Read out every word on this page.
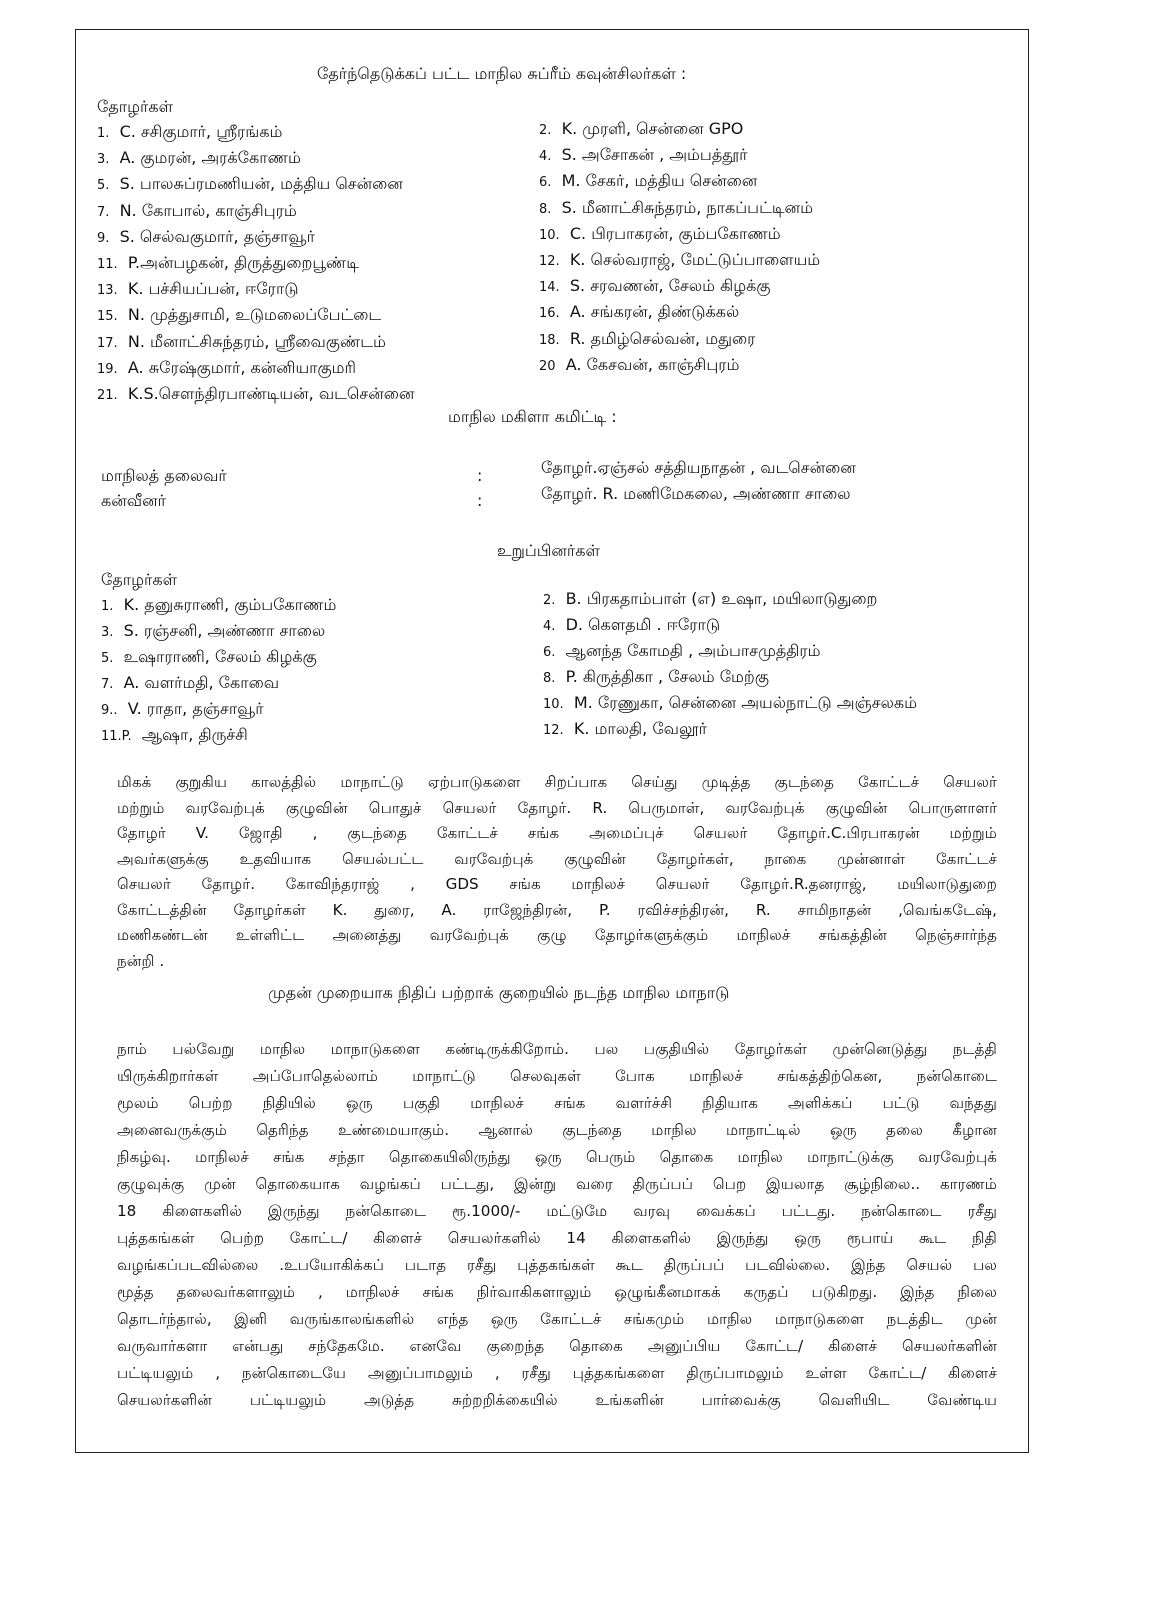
தேர்ந்தெடுக்கப் பட்ட மாநில சுப்ரீம் கவுன்சிலர்கள் :
தோழர்கள்
1. C. சசிகுமார், ஸ்ரீரங்கம்
3. A. குமரன், அரக்கோணம்
5. S. பாலசுப்ரமணியன், மத்திய சென்னை
7. N. கோபால், காஞ்சிபுரம்
9. S. செல்வகுமார், தஞ்சாவூர்
11. P.அன்பழகன், திருத்துறைபூண்டி
13. K. பச்சியப்பன், ஈரோடு
15. N. முத்துசாமி, உடுமலைப்பேட்டை
17. N. மீனாட்சிசுந்தரம், ஸ்ரீவைகுண்டம்
19. A. சுரேஷ்குமார், கன்னியாகுமரி
21. K.S.சௌந்திரபாண்டியன், வடசென்னை
2. K. முரளி, சென்னை GPO
4. S. அசோகன் , அம்பத்தூர்
6. M. சேகர், மத்திய சென்னை
8. S. மீனாட்சிசுந்தரம், நாகப்பட்டினம்
10. C. பிரபாகரன், கும்பகோணம்
12. K. செல்வராஜ், மேட்டுப்பாளையம்
14. S. சரவணன், சேலம் கிழக்கு
16. A. சங்கரன், திண்டுக்கல்
18. R. தமிழ்செல்வன், மதுரை
20 A. கேசவன், காஞ்சிபுரம்
மாநில மகிளா கமிட்டி :
மாநிலத் தலைவர்	:	தோழர்.ஏஞ்சல் சத்தியநாதன் , வடசென்னை
கன்வீனர்	:	தோழர். R. மணிமேகலை, அண்ணா சாலை
உறுப்பினர்கள்
தோழர்கள்
1. K. தனுசுராணி, கும்பகோணம்
3. S. ரஞ்சனி, அண்ணா சாலை
5. உஷாராணி, சேலம் கிழக்கு
7. A. வளர்மதி, கோவை
9.. V. ராதா, தஞ்சாவூர்
11.P. ஆஷா, திருச்சி
2. B. பிரகதாம்பாள் (எ) உஷா, மயிலாடுதுறை
4. D. கௌதமி . ஈரோடு
6. ஆனந்த கோமதி , அம்பாசமுத்திரம்
8. P. கிருத்திகா , சேலம் மேற்கு
10. M. ரேணுகா, சென்னை அயல்நாட்டு அஞ்சலகம்
12. K. மாலதி, வேலூர்
மிகக் குறுகிய காலத்தில் மாநாட்டு ஏற்பாடுகளை சிறப்பாக செய்து முடித்த குடந்தை கோட்டச் செயலர்
மற்றும் வரவேற்புக் குழுவின் பொதுச் செயலர் தோழர். R. பெருமாள், வரவேற்புக் குழுவின் பொருளாளர்
தோழர் V. ஜோதி , குடந்தை கோட்டச் சங்க அமைப்புச் செயலர் தோழர்.C.பிரபாகரன் மற்றும்
அவர்களுக்கு உதவியாக செயல்பட்ட வரவேற்புக் குழுவின் தோழர்கள், நாகை முன்னாள் கோட்டச்
செயலர் தோழர். கோவிந்தராஜ் , GDS சங்க மாநிலச் செயலர் தோழர்.R.தனராஜ், மயிலாடுதுறை
கோட்டத்தின் தோழர்கள் K. துரை, A. ராஜேந்திரன், P. ரவிச்சந்திரன், R. சாமிநாதன் ,வெங்கடேஷ்,
மணிகண்டன் உள்ளிட்ட அனைத்து வரவேற்புக் குழு தோழர்களுக்கும் மாநிலச் சங்கத்தின் நெஞ்சார்ந்த
நன்றி .
முதன் முறையாக நிதிப் பற்றாக் குறையில் நடந்த மாநில மாநாடு
நாம் பல்வேறு மாநில மாநாடுகளை கண்டிருக்கிறோம். பல பகுதியில் தோழர்கள் முன்னெடுத்து நடத்தி
யிருக்கிறார்கள் அப்போதெல்லாம் மாநாட்டு செலவுகள் போக மாநிலச் சங்கத்திற்கென, நன்கொடை
மூலம் பெற்ற நிதியில் ஒரு பகுதி மாநிலச் சங்க வளர்ச்சி நிதியாக அளிக்கப் பட்டு வந்தது
அனைவருக்கும் தெரிந்த உண்மையாகும். ஆனால் குடந்தை மாநில மாநாட்டில் ஒரு தலை கீழான
நிகழ்வு. மாநிலச் சங்க சந்தா தொகையிலிருந்து ஒரு பெரும் தொகை மாநில மாநாட்டுக்கு வரவேற்புக்
குழுவுக்கு முன் தொகையாக வழங்கப் பட்டது, இன்று வரை திருப்பப் பெற இயலாத சூழ்நிலை.. காரணம்
18 கிளைகளில் இருந்து நன்கொடை ரூ.1000/- மட்டுமே வரவு வைக்கப் பட்டது. நன்கொடை ரசீது
புத்தகங்கள் பெற்ற கோட்ட/ கிளைச் செயலர்களில் 14 கிளைகளில் இருந்து ஒரு ரூபாய் கூட நிதி
வழங்கப்படவில்லை .உபயோகிக்கப் படாத ரசீது புத்தகங்கள் கூட திருப்பப் படவில்லை. இந்த செயல் பல
மூத்த தலைவர்களாலும் , மாநிலச் சங்க நிர்வாகிகளாலும் ஒழுங்கீனமாகக் கருதப் படுகிறது. இந்த நிலை
தொடர்ந்தால், இனி வருங்காலங்களில் எந்த ஒரு கோட்டச் சங்கமும் மாநில மாநாடுகளை நடத்திட முன்
வருவார்களா என்பது சந்தேகமே. எனவே குறைந்த தொகை அனுப்பிய கோட்ட/ கிளைச் செயலர்களின்
பட்டியலும் , நன்கொடையே அனுப்பாமலும் , ரசீது புத்தகங்களை திருப்பாமலும் உள்ள கோட்ட/ கிளைச்
செயலர்களின் பட்டியலும் அடுத்த சுற்றறிக்கையில் உங்களின் பார்வைக்கு வெளியிட வேண்டிய
